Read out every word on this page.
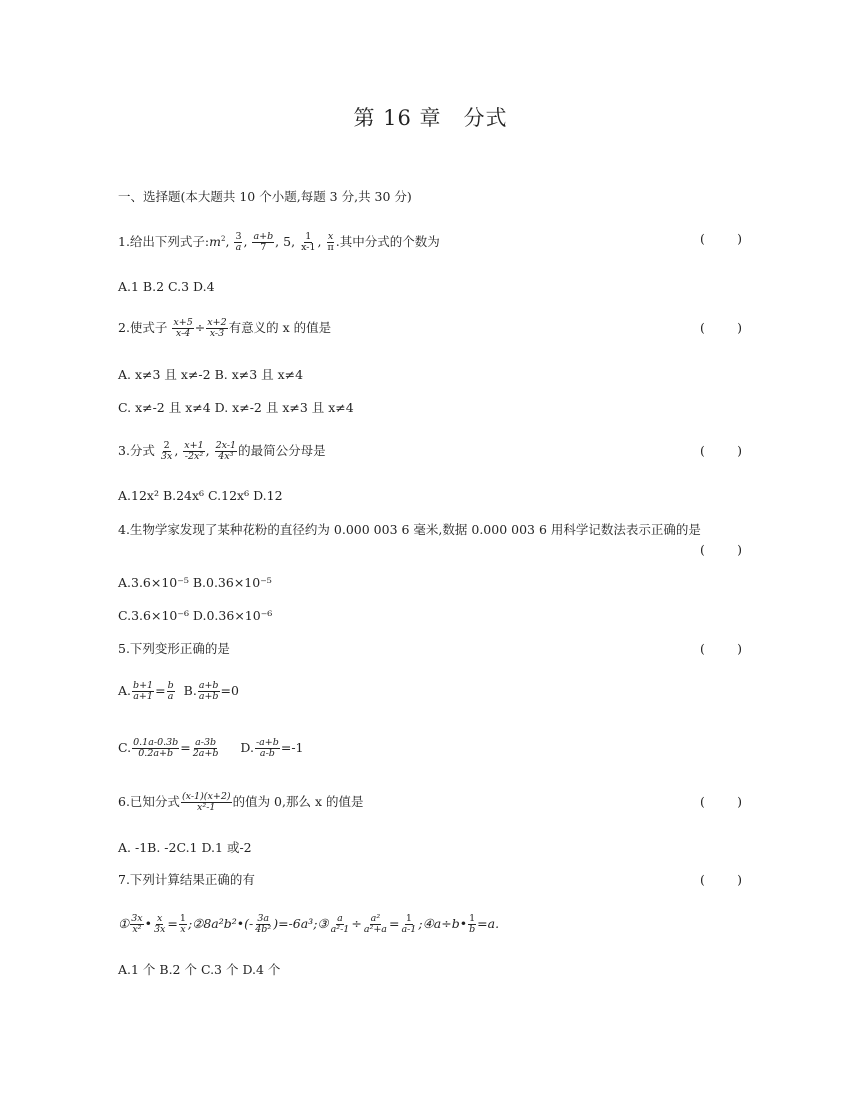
第 16 章 分式
一、选择题(本大题共 10 个小题,每题 3 分,共 30 分)
1.给出下列式子$:m^2$, $\frac{3}{a}$ , $\frac{a+b}{7}$ , 5, $\frac{1}{x-1}$ , $\frac{x}{\pi}$ .其中分式的个数为	(	)
A.1 B.2 C.3 D.4
2.使式子 $\frac{x+5}{x-4} \div \frac{x+2}{x-3}$ 有意义的 x 的值是	(	)
A. x≠3 且 x≠-2 B. x≠3 且 x≠4
C. x≠-2 且 x≠4 D. x≠-2 且 x≠3 且 x≠4
3.分式 $\frac{2}{3x}$ , $\frac{x+1}{\text{-2x²}}$ , $\frac{2x-1}{\text{4x³}}$ 的最简公分母是	(	)
A.12x² B.24x⁶ C.12x⁶ D.12
4.生物学家发现了某种花粉的直径约为 0.000 003 6 毫米,数据 0.000 003 6 用科学记数法表示正确的是
(	)
A.3.6×10⁻⁵ B.0.36×10⁻⁵
C.3.6×10⁻⁶ D.0.36×10⁻⁶
5.下列变形正确的是	(	)
A. $\frac{b+1}{a+1} = \frac{b}{a} B$. $\frac{a+b}{a+b} =0$
C. $\frac{0.1a-0.3b}{0.2a+b} = \frac{a-3b}{2a+b} D$. $\frac{-a+b}{a-b} =-1$
6.已知分式 $\frac{(x-1)(x+2)}{\text{x²-1}}$ 的值为 0,那么 x 的值是	(	)
A. -1B. -2C.1 D.1 或-2
7.下列计算结果正确的有	(	)
① $\frac{3x}{\text{x²}}$ • $\frac{x}{3x} = \frac{1}{x}$ ;②8a²b²•(- $\frac{3a}{\text{4b²}}$ )=-6a³;③ $\frac{a}{\text{a²-1}} \div \frac{\text{a²}}{\text{a²+a}} = \frac{1}{a-1}$ ;④a÷b• $\frac{1}{b} =a$.
A.1 个 B.2 个 C.3 个 D.4 个
